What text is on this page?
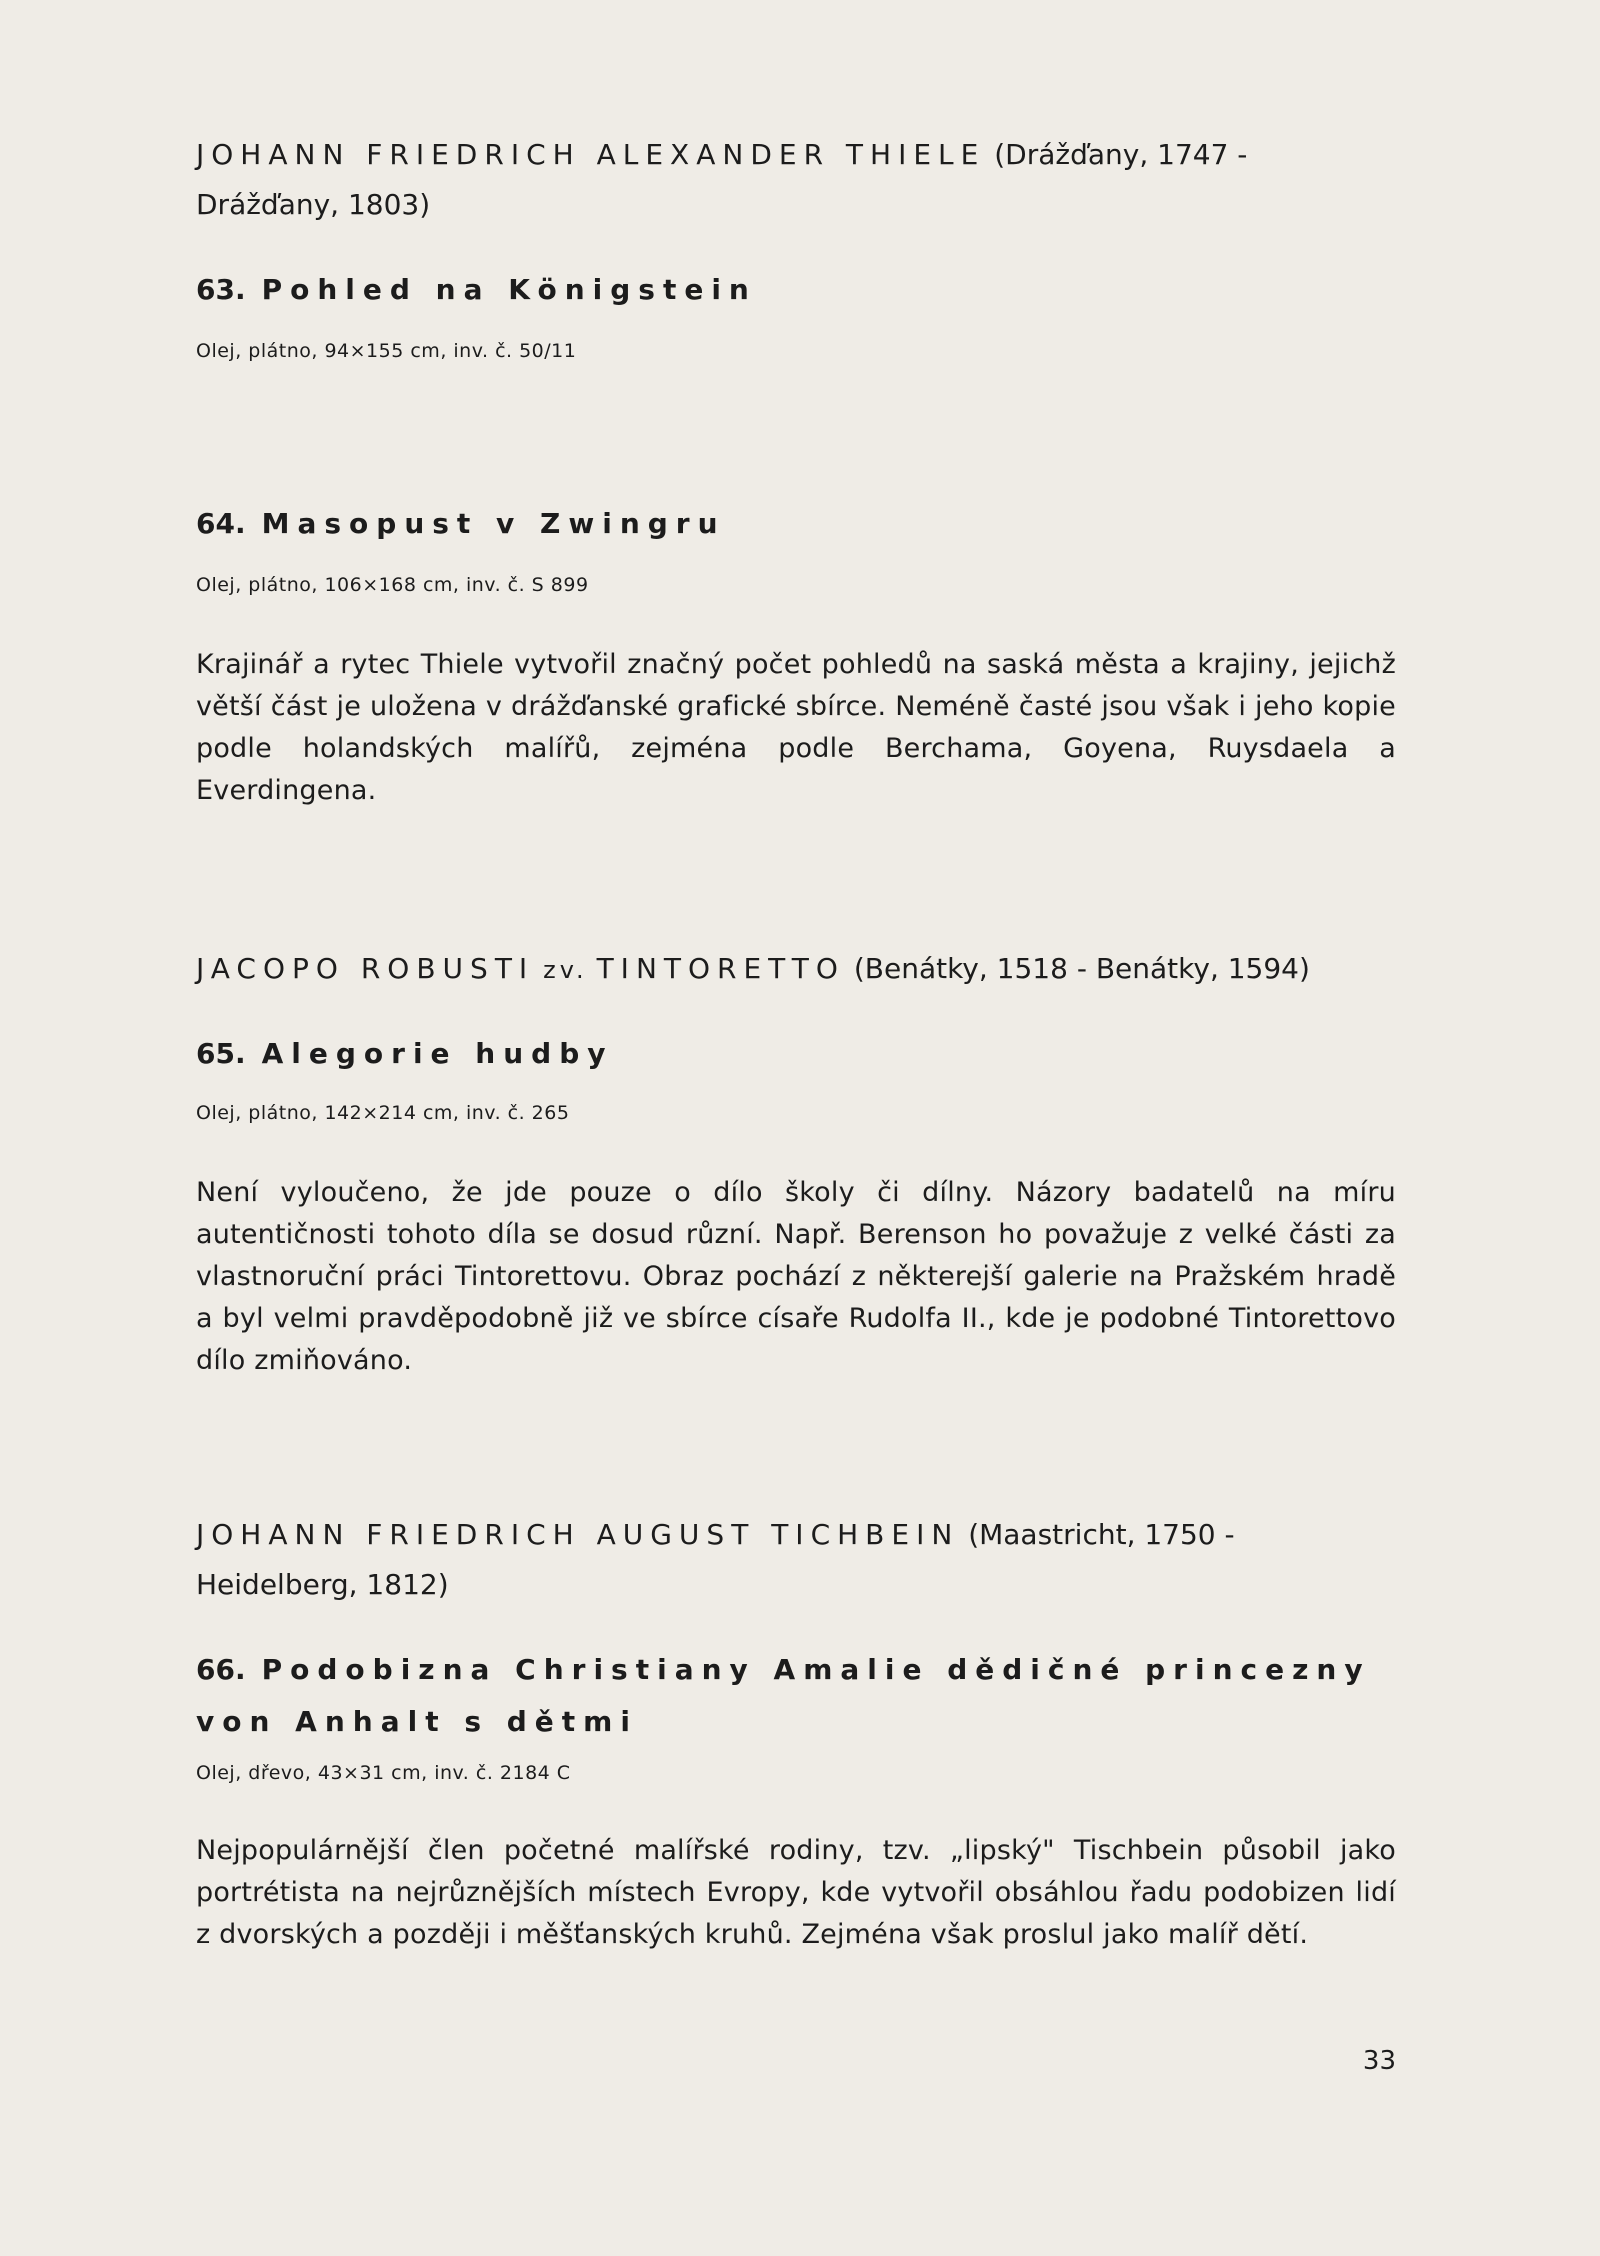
JOHANN FRIEDRICH ALEXANDER THIELE (Drážďany, 1747 - Drážďany, 1803)

63. Pohled na Königstein

Olej, plátno, 94×155 cm, inv. č. 50/11

64. Masopust v Zwingru

Olej, plátno, 106×168 cm, inv. č. S 899

Krajinář a rytec Thiele vytvořil značný počet pohledů na saská města a krajiny, jejichž větší část je uložena v drážďanské grafické sbírce. Neméně časté jsou však i jeho kopie podle holandských malířů, zejména podle Berchama, Goyena, Ruysdaela a Everdingena.

JACOPO ROBUSTI zv. TINTORETTO (Benátky, 1518 - Benátky, 1594)

65. Alegorie hudby

Olej, plátno, 142×214 cm, inv. č. 265

Není vyloučeno, že jde pouze o dílo školy či dílny. Názory badatelů na míru autentičnosti tohoto díla se dosud různí. Např. Berenson ho považuje z velké části za vlastnoruční práci Tintorettovu. Obraz pochází z některejší galerie na Pražském hradě a byl velmi pravděpodobně již ve sbírce císaře Rudolfa II., kde je podobné Tintorettovo dílo zmiňováno.

JOHANN FRIEDRICH AUGUST TICHBEIN (Maastricht, 1750 - Heidelberg, 1812)

66. Podobizna Christiany Amalie dědičné princezny von Anhalt s dětmi

Olej, dřevo, 43×31 cm, inv. č. 2184 C

Nejpopulárnější člen početné malířské rodiny, tzv. „lipský" Tischbein působil jako portrétista na nejrůznějších místech Evropy, kde vytvořil obsáhlou řadu podobizen lidí z dvorských a později i měšťanských kruhů. Zejména však proslul jako malíř dětí.

33
